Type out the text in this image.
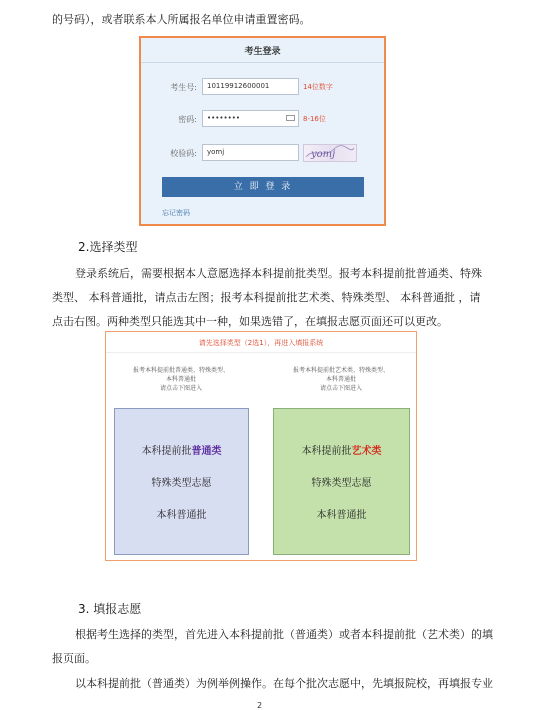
的号码），或者联系本人所属报名单位申请重置密码。
考生登录
考生号:	10119912600001	14位数字
密码:	••••••••	8-16位
校验码:	yomj	yomj
立 即 登 录
忘记密码
2.选择类型
登录系统后，需要根据本人意愿选择本科提前批类型。报考本科提前批普通类、特殊
类型、 本科普通批，请点击左图；报考本科提前批艺术类、特殊类型、 本科普通批 ，请
点击右图。两种类型只能选其中一种，如果选错了，在填报志愿页面还可以更改。
请先选择类型（2选1），再进入填报系统
报考本科提前批普通类、特殊类型、
本科普通批
请点击下图进入
报考本科提前批艺术类、特殊类型、
本科普通批
请点击下图进入
本科提前批普通类
特殊类型志愿
本科普通批
本科提前批艺术类
特殊类型志愿
本科普通批
3. 填报志愿
根据考生选择的类型，首先进入本科提前批（普通类）或者本科提前批（艺术类）的填
报页面。
以本科提前批（普通类）为例举例操作。在每个批次志愿中，先填报院校，再填报专业
2
